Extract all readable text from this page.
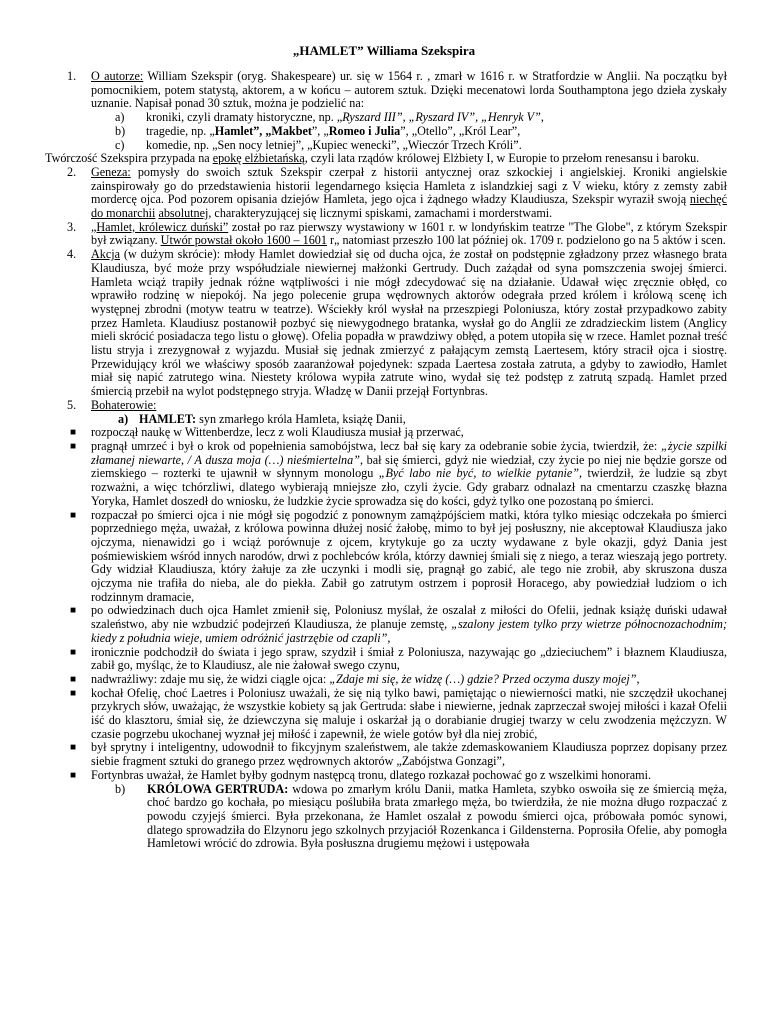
„HAMLET” Williama Szekspira

1. O autorze: William Szekspir (oryg. Shakespeare) ur. się w 1564 r. , zmarł w 1616 r. w Stratfordzie w Anglii. Na początku był pomocnikiem, potem statystą, aktorem, a w końcu – autorem sztuk. Dzięki mecenatowi lorda Southamptona jego dzieła zyskały uznanie. Napisał ponad 30 sztuk, można je podzielić na:

a) kroniki, czyli dramaty historyczne, np. „Ryszard III”, „Ryszard IV”, „Henryk V”,

b) tragedie, np. „Hamlet”, „Makbet”, „Romeo i Julia”, „Otello”, „Król Lear”,

c) komedie, np. „Sen nocy letniej”, „Kupiec wenecki”, „Wieczór Trzech Króli”.

Twórczość Szekspira przypada na epokę elżbietańską, czyli lata rządów królowej Elżbiety I, w Europie to przełom renesansu i baroku.

2. Geneza: pomysły do swoich sztuk Szekspir czerpał z historii antycznej oraz szkockiej i angielskiej. Kroniki angielskie zainspirowały go do przedstawienia historii legendarnego księcia Hamleta z islandzkiej sagi z V wieku, który z zemsty zabił mordercę ojca. Pod pozorem opisania dziejów Hamleta, jego ojca i żądnego władzy Klaudiusza, Szekspir wyraził swoją niechęć do monarchii absolutnej, charakteryzującej się licznymi spiskami, zamachami i morderstwami.

3. „Hamlet, królewicz duński” został po raz pierwszy wystawiony w 1601 r. w londyńskim teatrze "The Globe", z którym Szekspir był związany. Utwór powstał około 1600 – 1601 r„ natomiast przeszło 100 lat później ok. 1709 r. podzielono go na 5 aktów i scen.

4. Akcja (w dużym skrócie): młody Hamlet dowiedział się od ducha ojca, że został on podstępnie zgładzony przez własnego brata Klaudiusza, być może przy współudziale niewiernej małżonki Gertrudy. Duch zażądał od syna pomszczenia swojej śmierci. Hamleta wciąż trapiły jednak różne wątpliwości i nie mógł zdecydować się na działanie. Udawał więc zręcznie obłęd, co wprawiło rodzinę w niepokój. Na jego polecenie grupa wędrownych aktorów odegrała przed królem i królową scenę ich występnej zbrodni (motyw teatru w teatrze). Wściekły król wysłał na przeszpiegi Poloniusza, który został przypadkowo zabity przez Hamleta. Klaudiusz postanowił pozbyć się niewygodnego bratanka, wysłał go do Anglii ze zdradzieckim listem (Anglicy mieli skrócić posiadacza tego listu o głowę). Ofelia popadła w prawdziwy obłęd, a potem utopiła się w rzece. Hamlet poznał treść listu stryja i zrezygnował z wyjazdu. Musiał się jednak zmierzyć z pałającym zemstą Laertesem, który stracił ojca i siostrę. Przewidujący król we właściwy sposób zaaranżował pojedynek: szpada Laertesa została zatruta, a gdyby to zawiodło, Hamlet miał się napić zatrutego wina. Niestety królowa wypiła zatrute wino, wydał się też podstęp z zatrutą szpadą. Hamlet przed śmiercią przebił na wylot podstępnego stryja. Władzę w Danii przejął Fortynbras.

5. Bohaterowie:

a) HAMLET: syn zmarłego króla Hamleta, książę Danii,

■ rozpoczął naukę w Wittenberdze, lecz z woli Klaudiusza musiał ją przerwać,

■ pragnął umrzeć i był o krok od popełnienia samobójstwa, lecz bał się kary za odebranie sobie życia, twierdził, że: „życie szpilki złamanej niewarte, / A dusza moja (…) nieśmiertelna”, bał się śmierci, gdyż nie wiedział, czy życie po niej nie będzie gorsze od ziemskiego – rozterki te ujawnił w słynnym monologu „Być labo nie być, to wielkie pytanie”, twierdził, że ludzie są zbyt rozważni, a więc tchórzliwi, dlatego wybierają mniejsze zło, czyli życie. Gdy grabarz odnalazł na cmentarzu czaszkę błazna Yoryka, Hamlet doszedł do wniosku, że ludzkie życie sprowadza się do kości, gdyż tylko one pozostaną po śmierci.

■ rozpaczał po śmierci ojca i nie mógł się pogodzić z ponownym zamążpójściem matki, która tylko miesiąc odczekała po śmierci poprzedniego męża, uważał, z królowa powinna dłużej nosić żałobę, mimo to był jej posłuszny, nie akceptował Klaudiusza jako ojczyma, nienawidzi go i wciąż porównuje z ojcem, krytykuje go za uczty wydawane z byle okazji, gdyż Dania jest pośmiewiskiem wśród innych narodów, drwi z pochlebców króla, którzy dawniej śmiali się z niego, a teraz wieszają jego portrety. Gdy widział Klaudiusza, który żałuje za złe uczynki i modli się, pragnął go zabić, ale tego nie zrobił, aby skruszona dusza ojczyma nie trafiła do nieba, ale do piekła. Zabił go zatrutym ostrzem i poprosił Horacego, aby powiedział ludziom o ich rodzinnym dramacie,

■ po odwiedzinach duch ojca Hamlet zmienił się, Poloniusz myślał, że oszalał z miłości do Ofelii, jednak książę duński udawał szaleństwo, aby nie wzbudzić podejrzeń Klaudiusza, że planuje zemstę, „szalony jestem tylko przy wietrze północnozachodnim; kiedy z południa wieje, umiem odróżnić jastrzębie od czapli”,

■ ironicznie podchodził do świata i jego spraw, szydził i śmiał z Poloniusza, nazywając go „dzieciuchem” i błaznem Klaudiusza, zabił go, myśląc, że to Klaudiusz, ale nie żałował swego czynu,

■ nadwrażliwy: zdaje mu się, że widzi ciągle ojca: „Zdaje mi się, że widzę (…) gdzie? Przed oczyma duszy mojej”,

■ kochał Ofelię, choć Laetres i Poloniusz uważali, że się nią tylko bawi, pamiętając o niewierności matki, nie szczędził ukochanej przykrych słów, uważając, że wszystkie kobiety są jak Gertruda: słabe i niewierne, jednak zaprzeczał swojej miłości i kazał Ofelii iść do klasztoru, śmiał się, że dziewczyna się maluje i oskarżał ją o dorabianie drugiej twarzy w celu zwodzenia mężczyzn. W czasie pogrzebu ukochanej wyznał jej miłość i zapewnił, że wiele gotów był dla niej zrobić,

■ był sprytny i inteligentny, udowodnił to fikcyjnym szaleństwem, ale także zdemaskowaniem Klaudiusza poprzez dopisany przez siebie fragment sztuki do granego przez wędrownych aktorów „Zabójstwa Gonzagi”,

■ Fortynbras uważał, że Hamlet byłby godnym następcą tronu, dlatego rozkazał pochować go z wszelkimi honorami.

b)	KRÓLOWA GERTRUDA: wdowa po zmarłym królu Danii, matka Hamleta, szybko oswoiła się ze śmiercią męża, choć bardzo go kochała, po miesiącu poślubiła brata zmarłego męża, bo twierdziła, że nie można długo rozpaczać z powodu czyjejś śmierci. Była przekonana, że Hamlet oszalał z powodu śmierci ojca, próbowała pomóc synowi, dlatego sprowadziła do Elzynoru jego szkolnych przyjaciół Rozenkanca i Gildensterna. Poprosiła Ofelie, aby pomogła Hamletowi wrócić do zdrowia. Była posłuszna drugiemu mężowi i ustępowała
